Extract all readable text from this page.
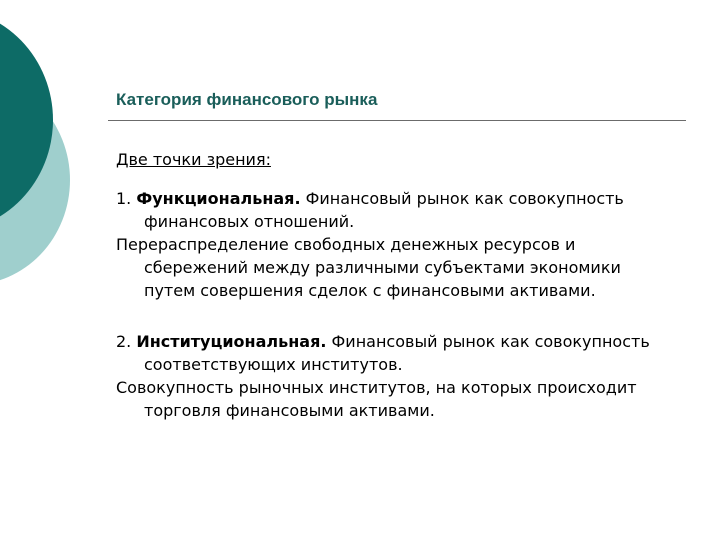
Категория финансового рынка

Две точки зрения:

1. Функциональная. Финансовый рынок как совокупность финансовых отношений.

Перераспределение свободных денежных ресурсов и сбережений между различными субъектами экономики путем совершения сделок с финансовыми активами.

2. Институциональная. Финансовый рынок как совокупность соответствующих институтов.

Совокупность рыночных институтов, на которых происходит торговля финансовыми активами.
